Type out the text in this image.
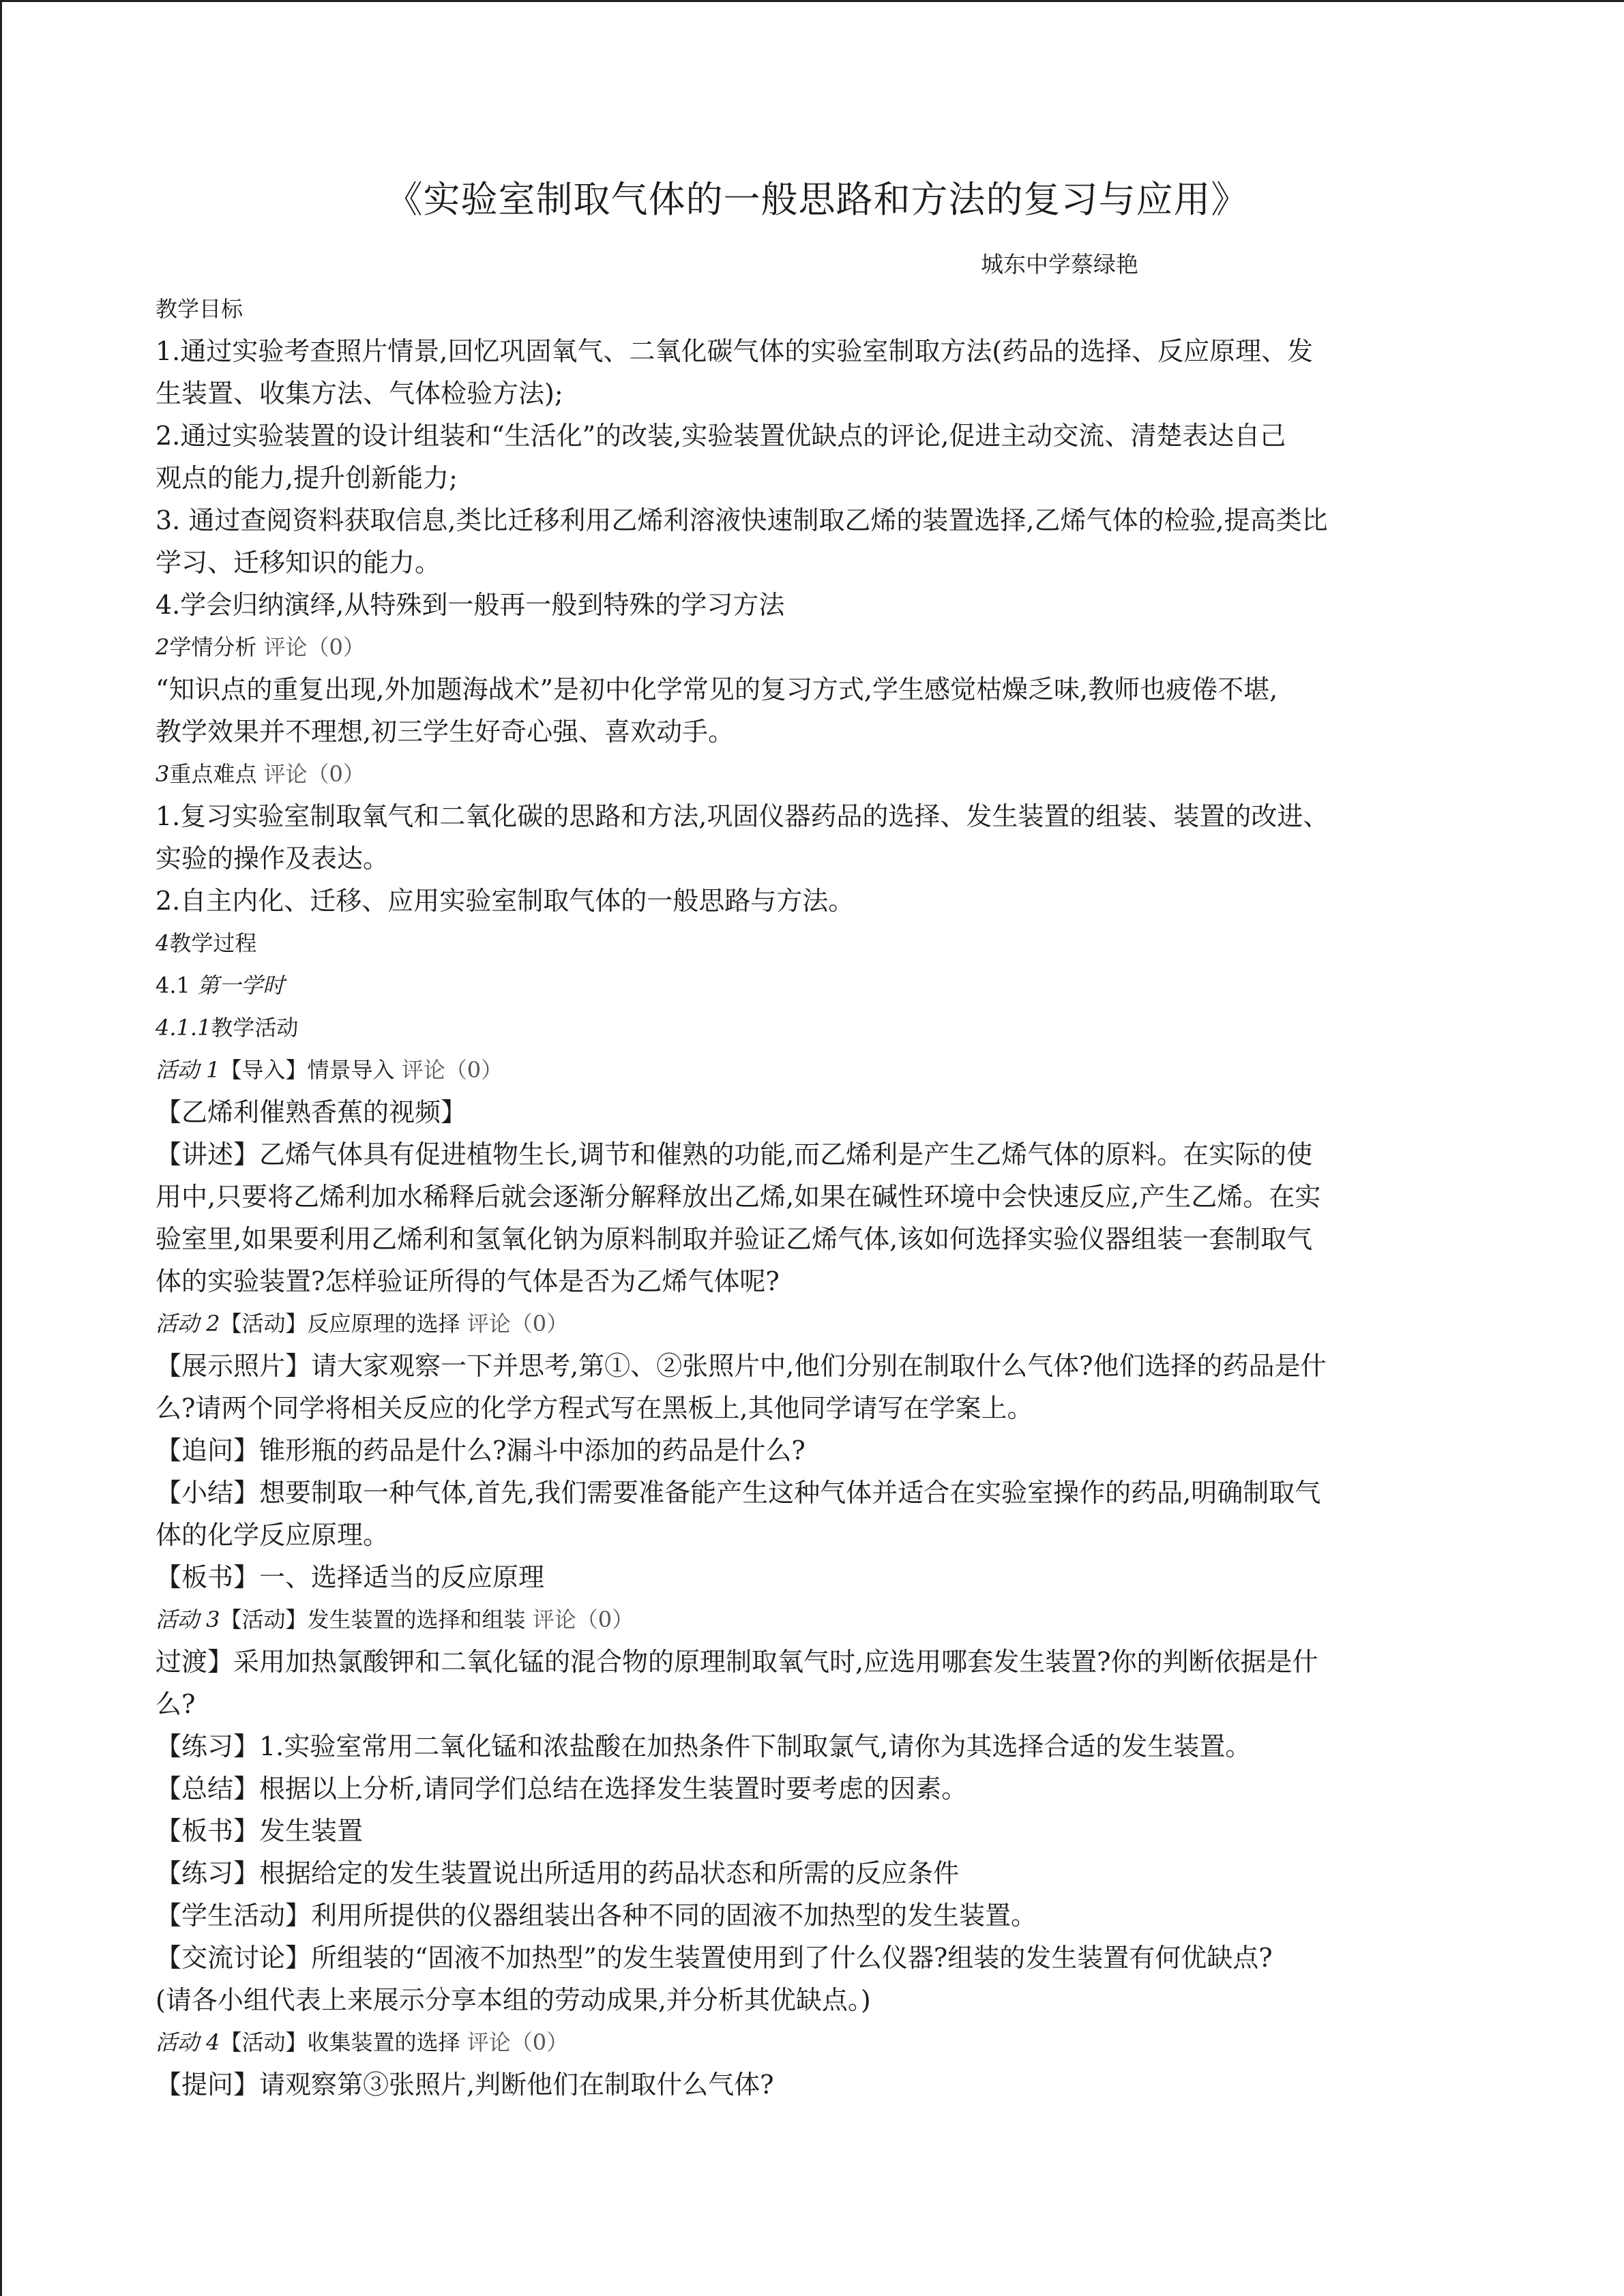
《实验室制取气体的一般思路和方法的复习与应用》
城东中学蔡绿艳

教学目标

1.通过实验考查照片情景,回忆巩固氧气、二氧化碳气体的实验室制取方法(药品的选择、反应原理、发

生装置、收集方法、气体检验方法);

2.通过实验装置的设计组装和“生活化”的改装,实验装置优缺点的评论,促进主动交流、清楚表达自己

观点的能力,提升创新能力;

3. 通过查阅资料获取信息,类比迁移利用乙烯利溶液快速制取乙烯的装置选择,乙烯气体的检验,提高类比

学习、迁移知识的能力。

4.学会归纳演绎,从特殊到一般再一般到特殊的学习方法

2学情分析 评论（0）

“知识点的重复出现,外加题海战术”是初中化学常见的复习方式,学生感觉枯燥乏味,教师也疲倦不堪,

教学效果并不理想,初三学生好奇心强、喜欢动手。

3重点难点 评论（0）

1.复习实验室制取氧气和二氧化碳的思路和方法,巩固仪器药品的选择、发生装置的组装、装置的改进、

实验的操作及表达。

2.自主内化、迁移、应用实验室制取气体的一般思路与方法。

4教学过程

4.1 第一学时

4.1.1教学活动

活动 1【导入】情景导入 评论（0）

【乙烯利催熟香蕉的视频】

【讲述】乙烯气体具有促进植物生长,调节和催熟的功能,而乙烯利是产生乙烯气体的原料。在实际的使

用中,只要将乙烯利加水稀释后就会逐渐分解释放出乙烯,如果在碱性环境中会快速反应,产生乙烯。在实

验室里,如果要利用乙烯利和氢氧化钠为原料制取并验证乙烯气体,该如何选择实验仪器组装一套制取气

体的实验装置?怎样验证所得的气体是否为乙烯气体呢?

活动 2【活动】反应原理的选择 评论（0）

【展示照片】请大家观察一下并思考,第①、②张照片中,他们分别在制取什么气体?他们选择的药品是什

么?请两个同学将相关反应的化学方程式写在黑板上,其他同学请写在学案上。

【追问】锥形瓶的药品是什么?漏斗中添加的药品是什么?

【小结】想要制取一种气体,首先,我们需要准备能产生这种气体并适合在实验室操作的药品,明确制取气

体的化学反应原理。

【板书】一、选择适当的反应原理

活动 3【活动】发生装置的选择和组装 评论（0）

过渡】采用加热氯酸钾和二氧化锰的混合物的原理制取氧气时,应选用哪套发生装置?你的判断依据是什

么?

【练习】1.实验室常用二氧化锰和浓盐酸在加热条件下制取氯气,请你为其选择合适的发生装置。

【总结】根据以上分析,请同学们总结在选择发生装置时要考虑的因素。

【板书】发生装置

【练习】根据给定的发生装置说出所适用的药品状态和所需的反应条件

【学生活动】利用所提供的仪器组装出各种不同的固液不加热型的发生装置。

【交流讨论】所组装的“固液不加热型”的发生装置使用到了什么仪器?组装的发生装置有何优缺点?

(请各小组代表上来展示分享本组的劳动成果,并分析其优缺点。)

活动 4【活动】收集装置的选择 评论（0）

【提问】请观察第③张照片,判断他们在制取什么气体?
